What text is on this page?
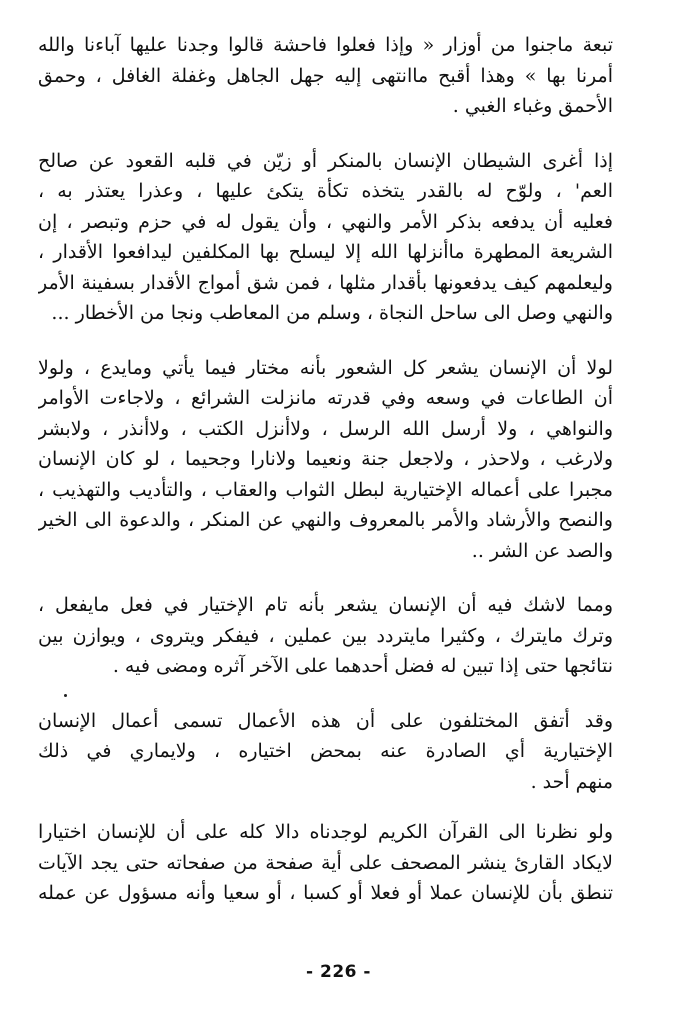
تبعة ماجنوا من أوزار « وإذا فعلوا فاحشة قالوا وجدنا عليها آباءنا والله
أمرنا بها » وهذا أقبح ماانتهى إليه جهل الجاهل وغفلة الغافل ، وحمق
الأحمق وغباء الغبي .

إذا أغرى الشيطان الإنسان بالمنكر أو زيّن في قلبه القعود عن صالح
العم' ، ولوّح له بالقدر يتخذه تكأة يتكئ عليها ، وعذرا يعتذر به ،
فعليه أن يدفعه بذكر الأمر والنهي ، وأن يقول له في حزم وتبصر ، إن
الشريعة المطهرة ماأنزلها الله إلا ليسلح بها المكلفين ليدافعوا الأقدار ،
وليعلمهم كيف يدفعونها بأقدار مثلها ، فمن شق أمواج الأقدار بسفينة الأمر
والنهي وصل الى ساحل النجاة ، وسلم من المعاطب ونجا من الأخطار ...

لولا أن الإنسان يشعر كل الشعور بأنه مختار فيما يأتي ومايدع ، ولولا
أن الطاعات في وسعه وفي قدرته مانزلت الشرائع ، ولاجاءت الأوامر
والنواهي ، ولا أرسل الله الرسل ، ولاأنزل الكتب ، ولاأنذر ، ولابشر
ولارغب ، ولاحذر ، ولاجعل جنة ونعيما ولانارا وجحيما ، لو كان الإنسان
مجبرا على أعماله الإختيارية لبطل الثواب والعقاب ، والتأديب والتهذيب ،
والنصح والأرشاد والأمر بالمعروف والنهي عن المنكر ، والدعوة الى الخير
والصد عن الشر ..

ومما لاشك فيه أن الإنسان يشعر بأنه تام الإختيار في فعل مايفعل ،
وترك مايترك ، وكثيرا مايتردد بين عملين ، فيفكر ويتروى ، ويوازن بين
نتائجها حتى إذا تبين له فضل أحدهما على الآخر آثره ومضى فيه .

وقد أتفق المختلفون على أن هذه الأعمال تسمى أعمال الإنسان
الإختيارية أي الصادرة عنه بمحض اختياره ، ولايماري في ذلك
منهم أحد .

ولو نظرنا الى القرآن الكريم لوجدناه دالا كله على أن للإنسان اختيارا
لايكاد القارئ ينشر المصحف على أية صفحة من صفحاته حتى يجد الآيات
تنطق بأن للإنسان عملا أو فعلا أو كسبا ، أو سعيا وأنه مسؤول عن عمله

- 226 -
